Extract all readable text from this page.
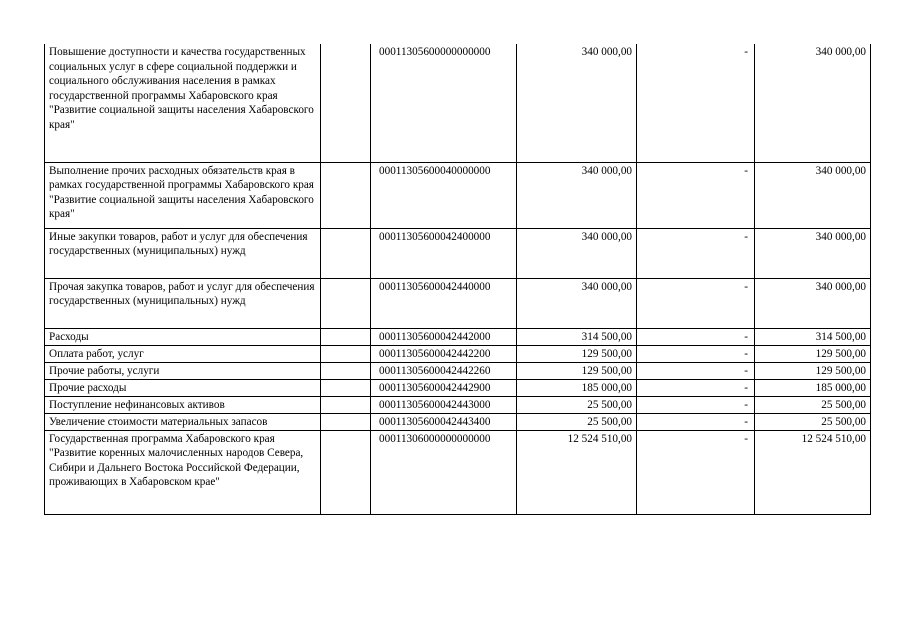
Повышение доступности и качества государственных социальных услуг в сфере социальной поддержки и социального обслуживания населения в рамках государственной программы Хабаровского края "Развитие социальной защиты населения Хабаровского края"		00011305600000000000	340 000,00	-	340 000,00
Выполнение прочих расходных обязательств края в рамках государственной программы Хабаровского края "Развитие социальной защиты населения Хабаровского края"		00011305600040000000	340 000,00	-	340 000,00
Иные закупки товаров, работ и услуг для обеспечения государственных (муниципальных) нужд		00011305600042400000	340 000,00	-	340 000,00
Прочая закупка товаров, работ и услуг для обеспечения государственных (муниципальных) нужд		00011305600042440000	340 000,00	-	340 000,00
Расходы		00011305600042442000	314 500,00	-	314 500,00
Оплата работ, услуг		00011305600042442200	129 500,00	-	129 500,00
Прочие работы, услуги		00011305600042442260	129 500,00	-	129 500,00
Прочие расходы		00011305600042442900	185 000,00	-	185 000,00
Поступление нефинансовых активов		00011305600042443000	25 500,00	-	25 500,00
Увеличение стоимости материальных запасов		00011305600042443400	25 500,00	-	25 500,00
Государственная программа Хабаровского края "Развитие коренных малочисленных народов Севера, Сибири и Дальнего Востока Российской Федерации, проживающих в Хабаровском крае"		00011306000000000000	12 524 510,00	-	12 524 510,00
